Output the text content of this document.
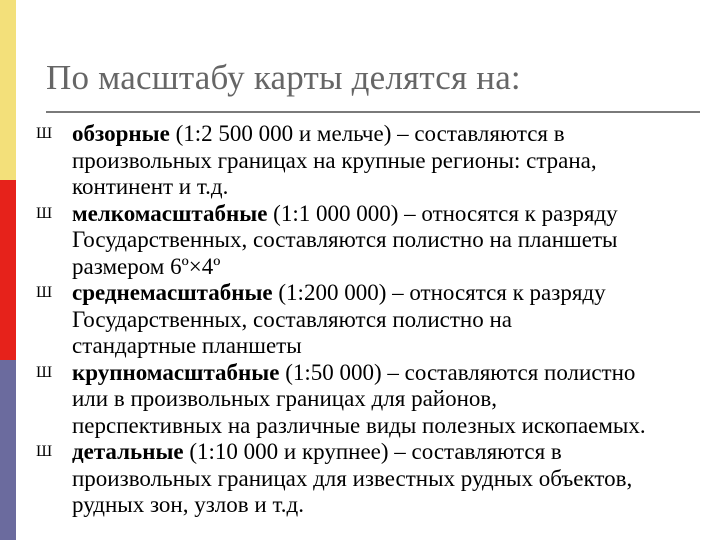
По масштабу карты делятся на:
Ш обзорные (1:2 500 000 и мельче) – составляются в
произвольных границах на крупные регионы: страна,
континент и т.д.
Ш мелкомасштабные (1:1 000 000) – относятся к разряду
Государственных, составляются полистно на планшеты
размером 6º×4º
Ш среднемасштабные (1:200 000) – относятся к разряду
Государственных, составляются полистно на
стандартные планшеты
Ш крупномасштабные (1:50 000) – составляются полистно
или в произвольных границах для районов,
перспективных на различные виды полезных ископаемых.
Ш детальные (1:10 000 и крупнее) – составляются в
произвольных границах для известных рудных объектов,
рудных зон, узлов и т.д.
